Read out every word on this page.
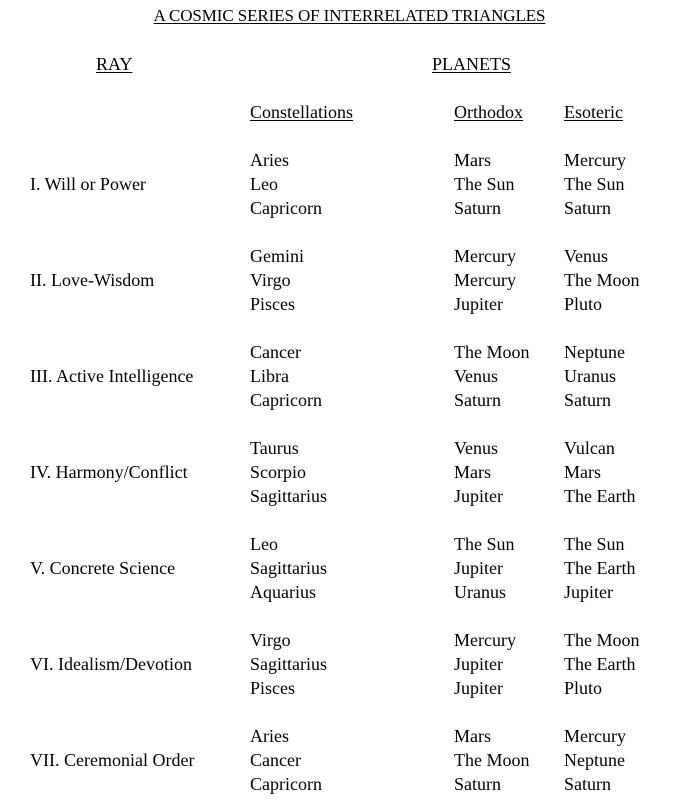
A COSMIC SERIES OF INTERRELATED TRIANGLES
RAY	PLANETS
Constellations	Orthodox Esoteric
I. Will or Power
Aries
Leo
Capricorn
Mars
The Sun
Saturn
Mercury
The Sun
Saturn
II. Love-Wisdom
Gemini
Virgo
Pisces
Mercury
Mercury
Jupiter
Venus
The Moon
Pluto
III. Active Intelligence
Cancer
Libra
Capricorn
The Moon
Venus
Saturn
Neptune
Uranus
Saturn
IV. Harmony/Conflict
Taurus
Scorpio
Sagittarius
Venus
Mars
Jupiter
Vulcan
Mars
The Earth
V. Concrete Science
Leo
Sagittarius
Aquarius
The Sun
Jupiter
Uranus
The Sun
The Earth
Jupiter
VI. Idealism/Devotion
Virgo
Sagittarius
Pisces
Mercury
Jupiter
Jupiter
The Moon
The Earth
Pluto
VII. Ceremonial Order
Aries
Cancer
Capricorn
Mars
The Moon
Saturn
Mercury
Neptune
Saturn
